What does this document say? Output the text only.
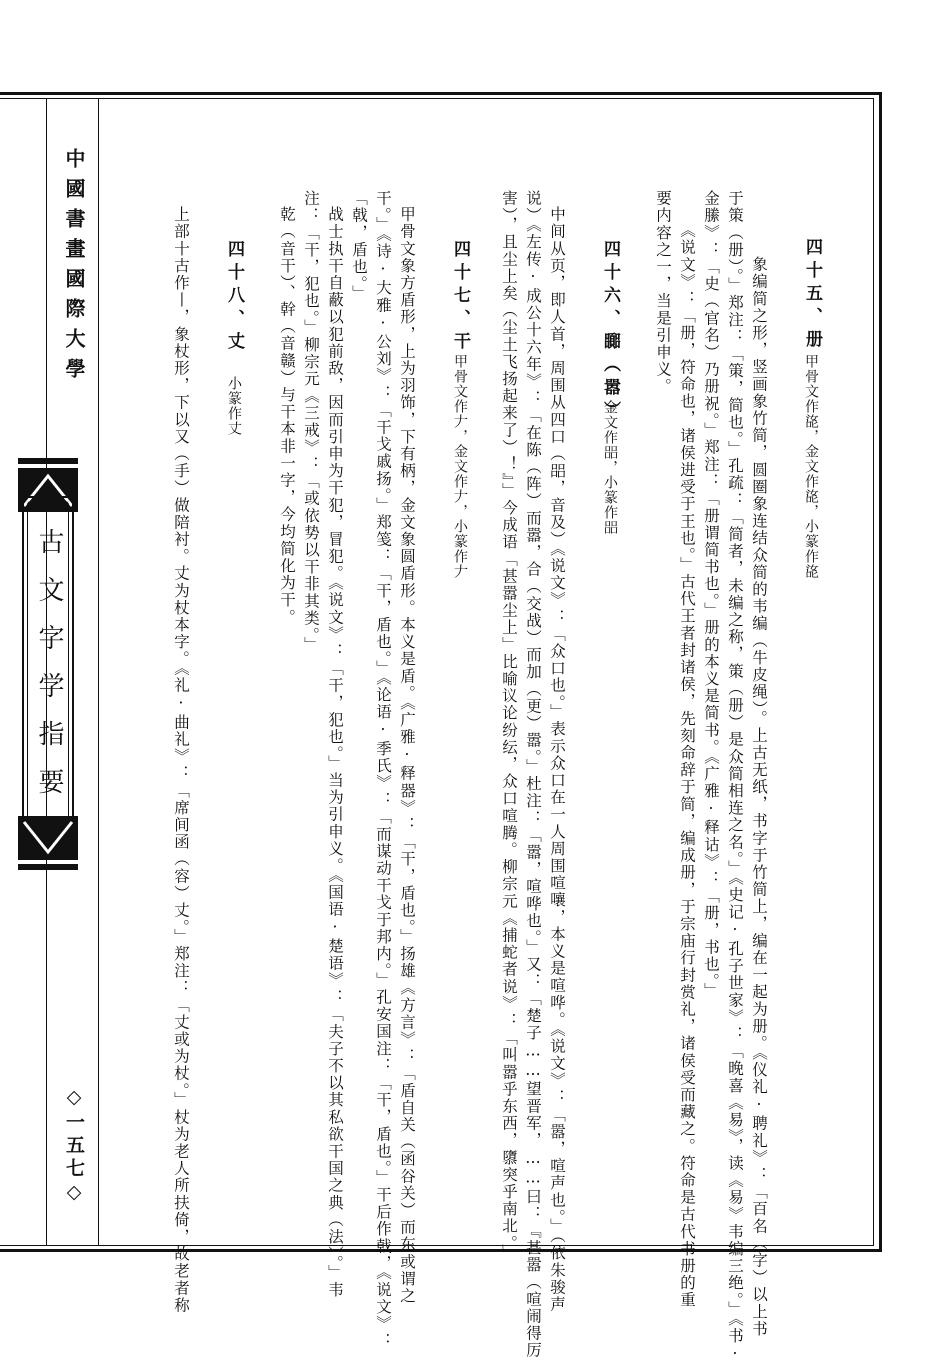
中國書畫國際大學
古文字学指要
◇一五七◇
四十五、册
甲骨文作㖳，金文作㖳，小篆作㖳
象编简之形，竖画象竹简，圆圈象连结众简的韦编（牛皮绳）。上古无纸，书字于竹简上，编在一起为册。《仪礼·聘礼》：「百名（字）以上书
于策（册）。」郑注：「策，简也。」孔疏：「简者，未编之称，策（册）是众简相连之名。」《史记·孔子世家》：「晚喜《易》，读《易》韦编三绝。」《书·
金縢》：「史（官名）乃册祝。」郑注：「册谓简书也。」册的本义是简书。《广雅·释诂》：「册，书也。」
《说文》：「册，符命也，诸侯进受于王也。」古代王者封诸侯，先刻命辞于简，编成册，于宗庙行封赏礼，诸侯受而藏之。符命是古代书册的重
要内容之一，当是引申义。
四十六、嚻（嚣）
金文作㗊，小篆作㗊
中间从页，即人首，周围从四口（㗊，音及）《说文》：「众口也。」表示众口在一人周围喧嚷，本义是喧哗。《说文》：「嚣，喧声也。」（依朱骏声
说）《左传·成公十六年》：「在陈（阵）而嚣，合（交战）而加（更）嚣。」杜注：「嚣，喧哗也。」又：「楚子……望晋军，……曰：『甚嚣（喧闹得厉
害），且尘上矣（尘土飞扬起来了）！』」今成语「甚嚣尘上」比喻议论纷纭，众口喧腾。柳宗元《捕蛇者说》：「叫嚣乎东西，隳突乎南北。」
四十七、干
甲骨文作𠂇，金文作𠂇，小篆作𠂇
甲骨文象方盾形，上为羽饰，下有柄，金文象圆盾形。本义是盾。《广雅·释器》：「干，盾也。」扬雄《方言》：「盾自关（函谷关）而东或谓之
干。」《诗·大雅·公刘》：「干戈戚扬。」郑笺：「干，盾也。」《论语·季氏》：「而谋动干戈于邦内。」孔安国注：「干，盾也。」干后作戟，《说文》：
「戟，盾也。」
战士执干自蔽以犯前敌，因而引申为干犯，冒犯。《说文》：「干，犯也。」当为引申义。《国语·楚语》：「夫子不以其私欲干国之典（法）。」韦
注：「干，犯也。」柳宗元《三戒》：「或依势以干非其类。」
乾（音干）、幹（音赣）与干本非一字，今均简化为干。
四十八、丈
小篆作丈
上部十古作丨，象杖形，下以又（手）做陪衬。丈为杖本字。《礼·曲礼》：「席间函（容）丈。」郑注：「丈或为杖。」杖为老人所扶倚，故老者称
